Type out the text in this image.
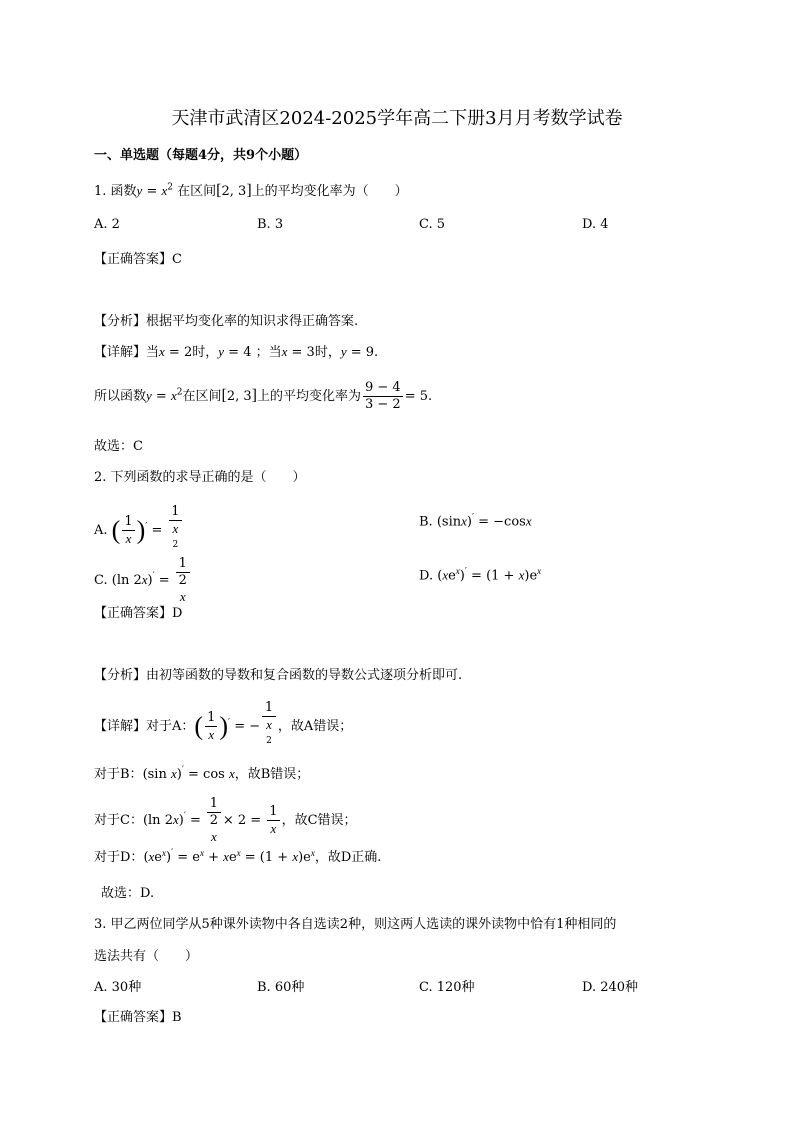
天津市武清区2024-2025学年高二下册3月月考数学试卷
一、单选题（每题4分，共9个小题）
1. 函数$y = x^2$ 在区间[2, 3]上的平均变化率为（　　）
A. 2	B. 3	C. 5	D. 4
【正确答案】C
【分析】根据平均变化率的知识求得正确答案.
【详解】当x = 2时，y = 4 ；当x = 3时，y = 9.
所以函数$y = x^2$在区间[2, 3]上的平均变化率为 $\frac{9 - 4}{3 - 2} = 5$.
故选：C
2. 下列函数的求导正确的是（　　）
A. ( $\frac{1}{x} )' = 1$
x
$^2$	B. (sinx)′ = −cosx
C. (ln 2x)′ = 1
2
x	D. $(xe^x)' = (1 + x)e^x$
【正确答案】D
【分析】由初等函数的导数和复合函数的导数公式逐项分析即可.
【详解】对于A：( $\frac{1}{x} )'$ = − 1
x
$^2$ ，故A错误；
对于B：(sin x)′ = cos x，故B错误；
对于C：(ln 2x)′ = 1
2
$x \times 2 = \frac{1}{x}$ ，故C错误；
对于D：$(xe^x)' = e^x + xe^x = (1 + x)e^x$，故D正确.
故选：D.
3. 甲乙两位同学从5种课外读物中各自选读2种，则这两人选读的课外读物中恰有1种相同的
选法共有（　　）
A. 30种	B. 60种	C. 120种	D. 240种
【正确答案】B
